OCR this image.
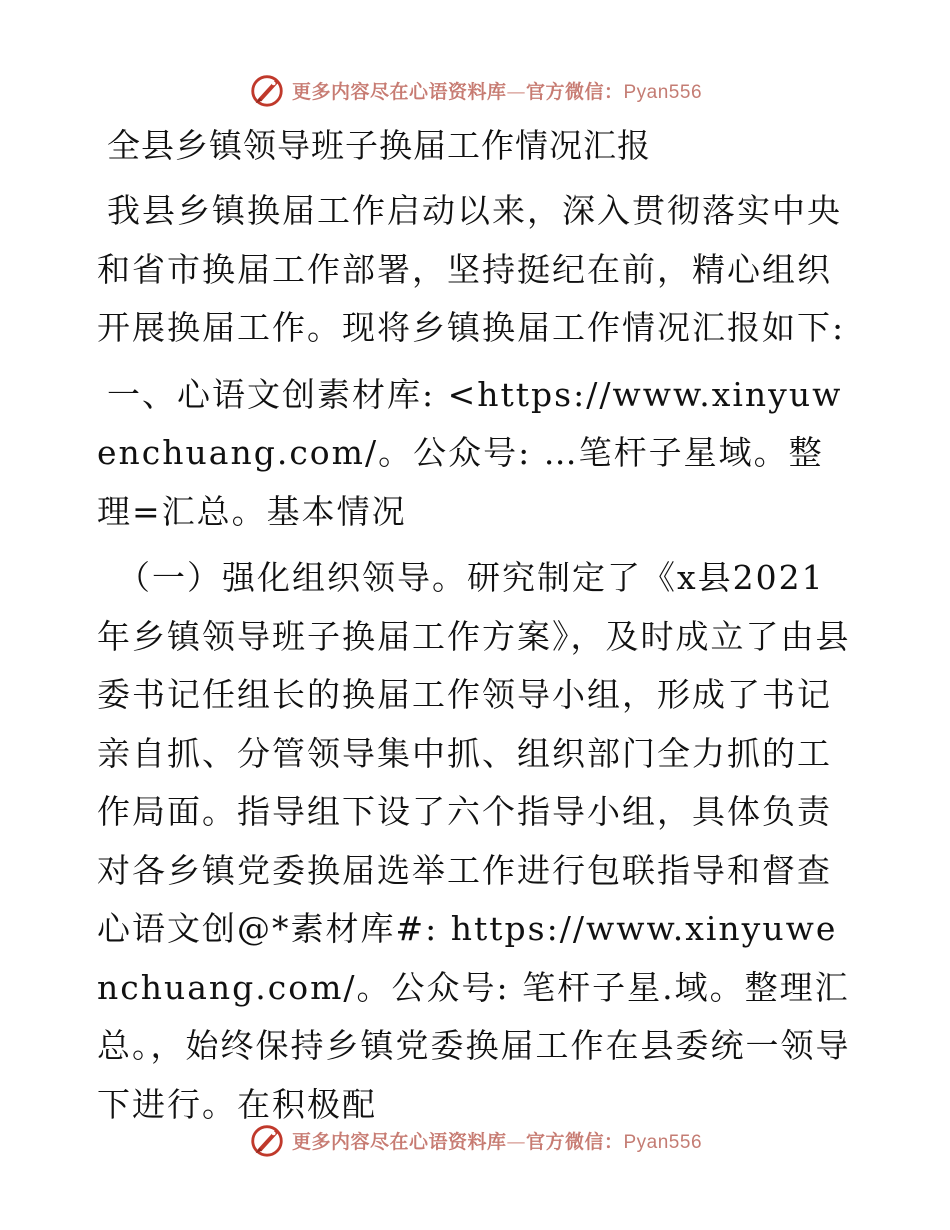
更多内容尽在心语资料库—官方微信：Pyan556
全县乡镇领导班子换届工作情况汇报

我县乡镇换届工作启动以来，深入贯彻落实中央和省市换届工作部署，坚持挺纪在前，精心组织开展换届工作。现将乡镇换届工作情况汇报如下:

一、心语文创素材库: <https://www.xinyuwenchuang.com/。公众号: …笔杆子星域。整理=汇总。基本情况

（一）强化组织领导。研究制定了《x县2021年乡镇领导班子换届工作方案》，及时成立了由县委书记任组长的换届工作领导小组，形成了书记亲自抓、分管领导集中抓、组织部门全力抓的工作局面。指导组下设了六个指导小组，具体负责对各乡镇党委换届选举工作进行包联指导和督查心语文创@*素材库#: https://www.xinyuwenchuang.com/。公众号: 笔杆子星.域。整理汇总。，始终保持乡镇党委换届工作在县委统一领导下进行。在积极配

更多内容尽在心语资料库—官方微信：Pyan556
